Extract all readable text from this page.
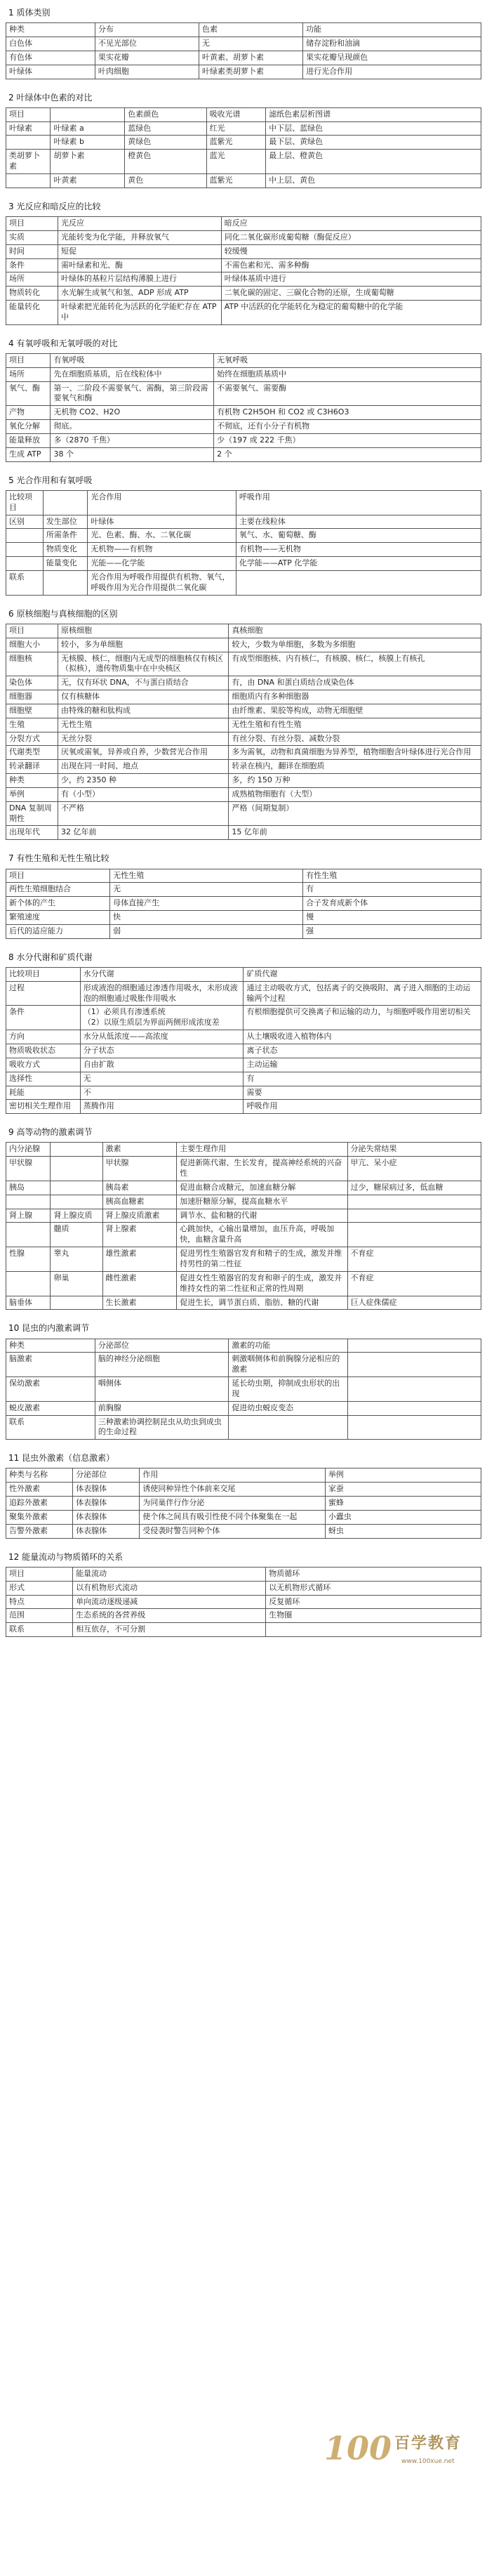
1 质体类别
种类	分布	色素	功能
白色体	不见光部位	无	储存淀粉和油滴
有色体	果实花瓣	叶黄素、胡萝卜素	果实花瓣呈现颜色
叶绿体	叶肉细胞	叶绿素类胡萝卜素	进行光合作用
2 叶绿体中色素的对比
项目		色素颜色	吸收光谱	滤纸色素层析图谱
叶绿素	叶绿素 a	蓝绿色	红光	中下层、蓝绿色
	叶绿素 b	黄绿色	蓝紫光	最下层、黄绿色
类胡萝卜素	胡萝卜素	橙黄色	蓝光	最上层、橙黄色
	叶黄素	黄色	蓝紫光	中上层、黄色
3 光反应和暗反应的比较
项目	光反应	暗反应
实质	光能转变为化学能，并释放氧气	同化二氧化碳形成葡萄糖（酶促反应）
时间	短促	较缓慢
条件	需叶绿素和光、酶	不需色素和光、需多种酶
场所	叶绿体的基粒片层结构薄膜上进行	叶绿体基质中进行
物质转化	水光解生成氧气和氢、ADP 形成 ATP	二氧化碳的固定、三碳化合物的还原，生成葡萄糖
能量转化	叶绿素把光能转化为活跃的化学能贮存在 ATP 中	ATP 中活跃的化学能转化为稳定的葡萄糖中的化学能
4 有氧呼吸和无氧呼吸的对比
项目	有氧呼吸	无氧呼吸
场所	先在细胞质基质，后在线粒体中	始终在细胞质基质中
氧气、酶	第一、二阶段不需要氧气、需酶，第三阶段需要氧气和酶	不需要氧气、需要酶
产物	无机物 CO2、H2O	有机物 C2H5OH 和 CO2 或 C3H6O3
氧化分解	彻底。	不彻底，还有小分子有机物
能量释放	多（2870 千焦）	少（197 或 222 千焦）
生成 ATP	38 个	2 个
5 光合作用和有氧呼吸
比较项目		光合作用	呼吸作用
区别	发生部位	叶绿体	主要在线粒体
	所需条件	光、色素、酶、水、二氧化碳	氧气、水、葡萄糖、酶
	物质变化	无机物——有机物	有机物——无机物
	能量变化	光能——化学能	化学能——ATP 化学能
联系		光合作用为呼吸作用提供有机物、氧气，呼吸作用为光合作用提供二氧化碳	
6 原核细胞与真核细胞的区别
项目	原核细胞	真核细胞
细胞大小	较小，多为单细胞	较大，少数为单细胞，多数为多细胞
细胞核	无核膜、核仁，细胞内无成型的细胞核仅有核区（拟核），遗传物质集中在中央核区	有成型细胞核、内有核仁，有核膜、核仁，核膜上有核孔
染色体	无，仅有环状 DNA，不与蛋白质结合	有，由 DNA 和蛋白质结合成染色体
细胞器	仅有核糖体	细胞质内有多种细胞器
细胞壁	由特殊的糖和肽构成	由纤维素、果胶等构成，动物无细胞壁
生殖	无性生殖	无性生殖和有性生殖
分裂方式	无丝分裂	有丝分裂、有丝分裂、减数分裂
代谢类型	厌氧或需氧，异养或自养，少数营光合作用	多为需氧，动物和真菌细胞为异养型，植物细胞含叶绿体进行光合作用
转录翻译	出现在同一时间、地点	转录在核内，翻译在细胞质
种类	少，约 2350 种	多，约 150 万种
举例	有（小型）	成熟植物细胞有（大型）
DNA 复制周期性	不严格	严格（间期复制）
出现年代	32 亿年前	15 亿年前
7 有性生殖和无性生殖比较
项目	无性生殖	有性生殖
两性生殖细胞结合	无	有
新个体的产生	母体直接产生	合子发育成新个体
繁殖速度	快	慢
后代的适应能力	弱	强
8 水分代谢和矿质代谢
比较项目	水分代谢	矿质代谢
过程	形成液泡的细胞通过渗透作用吸水，未形成液泡的细胞通过吸胀作用吸水	通过主动吸收方式，包括离子的交换吸附、离子进入细胞的主动运输两个过程
条件	（1）必须具有渗透系统
（2）以原生质层为界面两侧形成浓度差	有根细胞提供可交换离子和运输的动力，与细胞呼吸作用密切相关
方向	水分从低浓度——高浓度	从土壤吸收进入植物体内
物质吸收状态	分子状态	离子状态
吸收方式	自由扩散	主动运输
选择性	无	有
耗能	不	需要
密切相关生理作用	蒸腾作用	呼吸作用
9 高等动物的激素调节
内分泌腺		激素	主要生理作用	分泌失常结果
甲状腺		甲状腺	促进新陈代谢、生长发育，提高神经系统的兴奋性	甲亢、呆小症
胰岛		胰岛素	促进血糖合成糖元，加速血糖分解	过少，糖尿病过多，低血糖
		胰高血糖素	加速肝糖原分解，提高血糖水平	
肾上腺	肾上腺皮质	肾上腺皮质激素	调节水、盐和糖的代谢	
	髓质	肾上腺素	心跳加快，心输出量增加，血压升高，呼吸加快，血糖含量升高	
性腺	睾丸	雄性激素	促进男性生殖器官发育和精子的生成，激发并维持男性的第二性征	不育症
	卵巢	雌性激素	促进女性生殖器官的发育和卵子的生成，激发并维持女性的第二性征和正常的性周期	不育症
脑垂体		生长激素	促进生长，调节蛋白质、脂肪、糖的代谢	巨人症侏儒症
10 昆虫的内激素调节
种类	分泌部位	激素的功能	
脑激素	脑的神经分泌细胞	刺激咽侧体和前胸腺分泌相应的激素	
保幼激素	咽侧体	延长幼虫期，抑制成虫形状的出现	
蜕皮激素	前胸腺	促进幼虫蜕皮变态	
联系	三种激素协调控制昆虫从幼虫到成虫的生命过程		
11 昆虫外激素（信息激素）
种类与名称	分泌部位	作用	举例
性外激素	体表腺体	诱使同种异性个体前来交尾	家蚕
追踪外激素	体表腺体	为同巢伴行作分泌	蜜蜂
聚集外激素	体表腺体	使个体之间具有吸引性使不同个体聚集在一起	小蠹虫
告警外激素	体表腺体	受侵袭时警告同种个体	蚜虫
12 能量流动与物质循环的关系
项目	能量流动	物质循环
形式	以有机物形式流动	以无机物形式循环
特点	单向流动逐级递减	反复循环
范围	生态系统的各营养级	生物圈
联系	相互依存，不可分割	
100 百学教育
www.100xue.net
